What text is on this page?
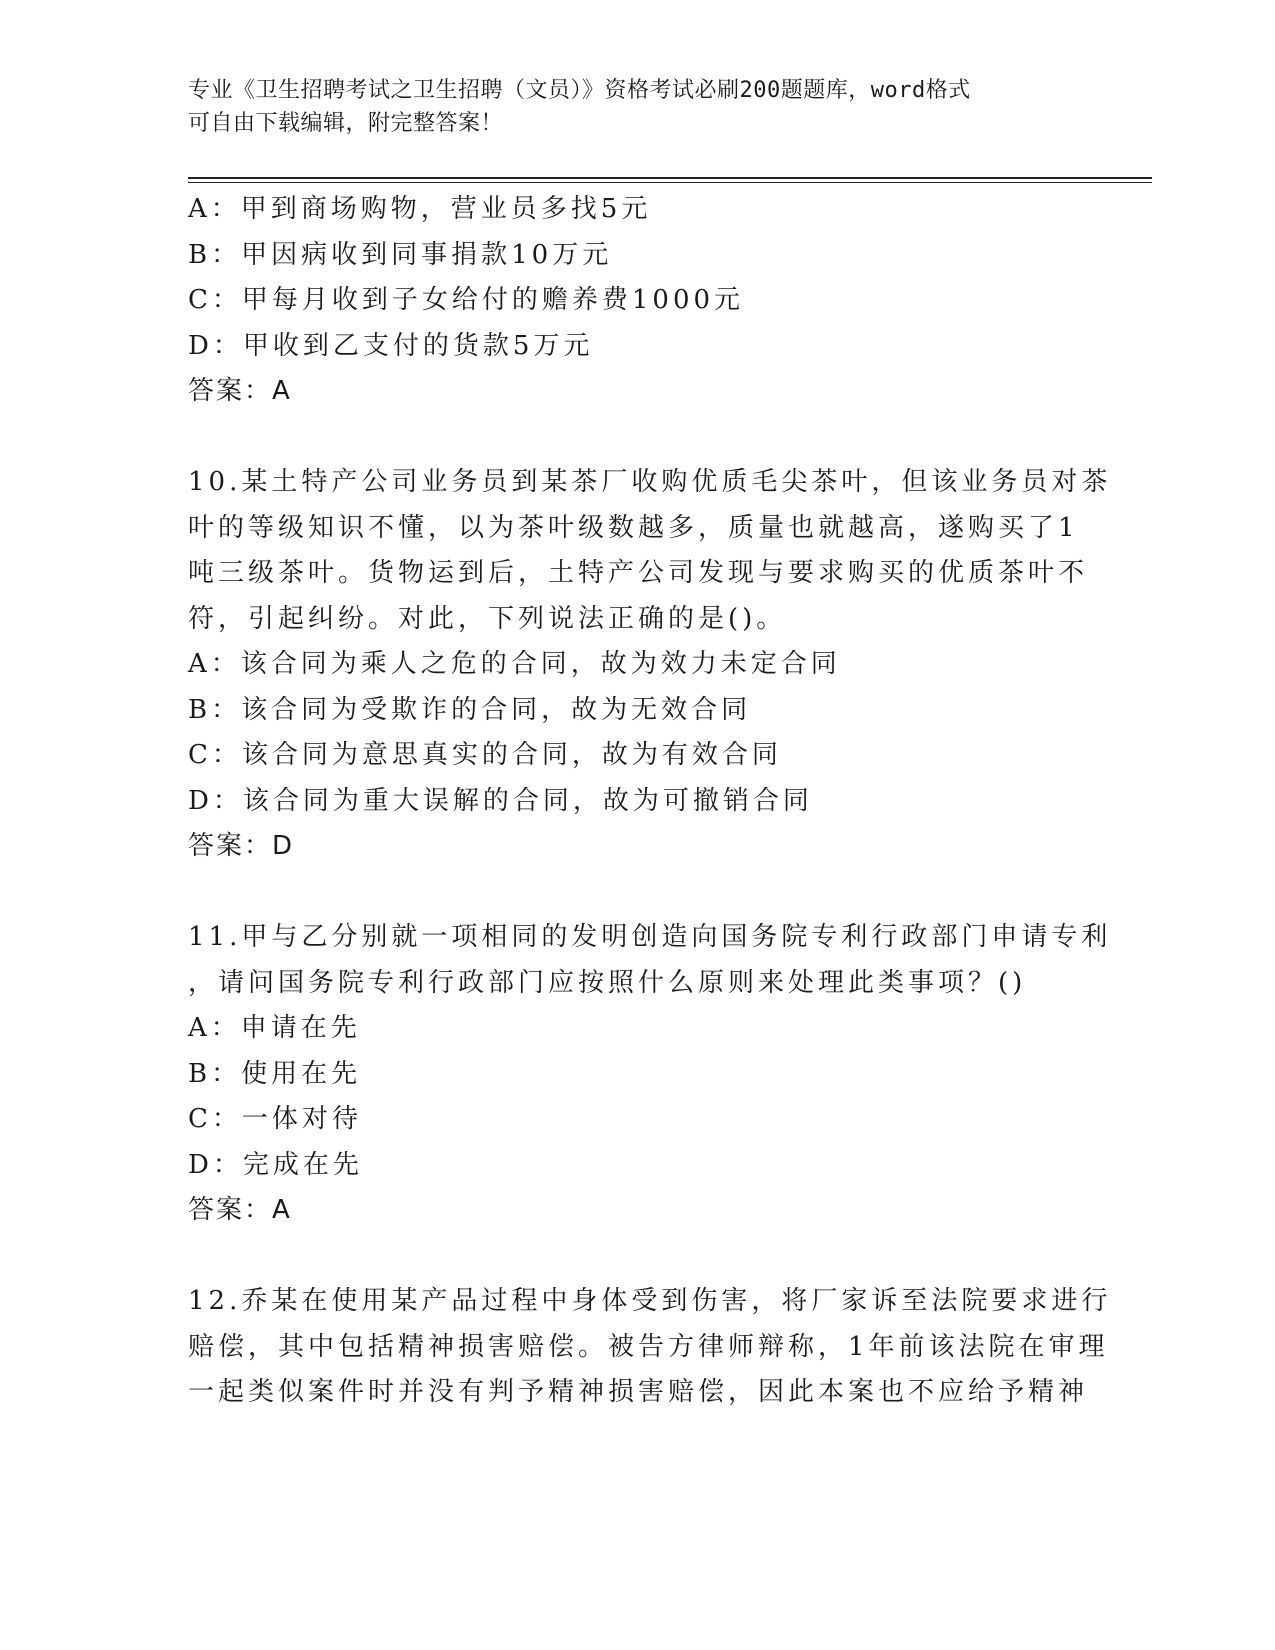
专业《卫生招聘考试之卫生招聘（文员）》资格考试必刷200题题库，word格式
可自由下载编辑，附完整答案！
A：甲到商场购物，营业员多找5元
B：甲因病收到同事捐款10万元
C：甲每月收到子女给付的赡养费1000元
D：甲收到乙支付的货款5万元
答案：A
10.某土特产公司业务员到某茶厂收购优质毛尖茶叶，但该业务员对茶
叶的等级知识不懂，以为茶叶级数越多，质量也就越高，遂购买了1
吨三级茶叶。货物运到后，土特产公司发现与要求购买的优质茶叶不
符，引起纠纷。对此，下列说法正确的是()。
A：该合同为乘人之危的合同，故为效力未定合同
B：该合同为受欺诈的合同，故为无效合同
C：该合同为意思真实的合同，故为有效合同
D：该合同为重大误解的合同，故为可撤销合同
答案：D
11.甲与乙分别就一项相同的发明创造向国务院专利行政部门申请专利
，请问国务院专利行政部门应按照什么原则来处理此类事项？()
A：申请在先
B：使用在先
C：一体对待
D：完成在先
答案：A
12.乔某在使用某产品过程中身体受到伤害，将厂家诉至法院要求进行
赔偿，其中包括精神损害赔偿。被告方律师辩称，1年前该法院在审理
一起类似案件时并没有判予精神损害赔偿，因此本案也不应给予精神
